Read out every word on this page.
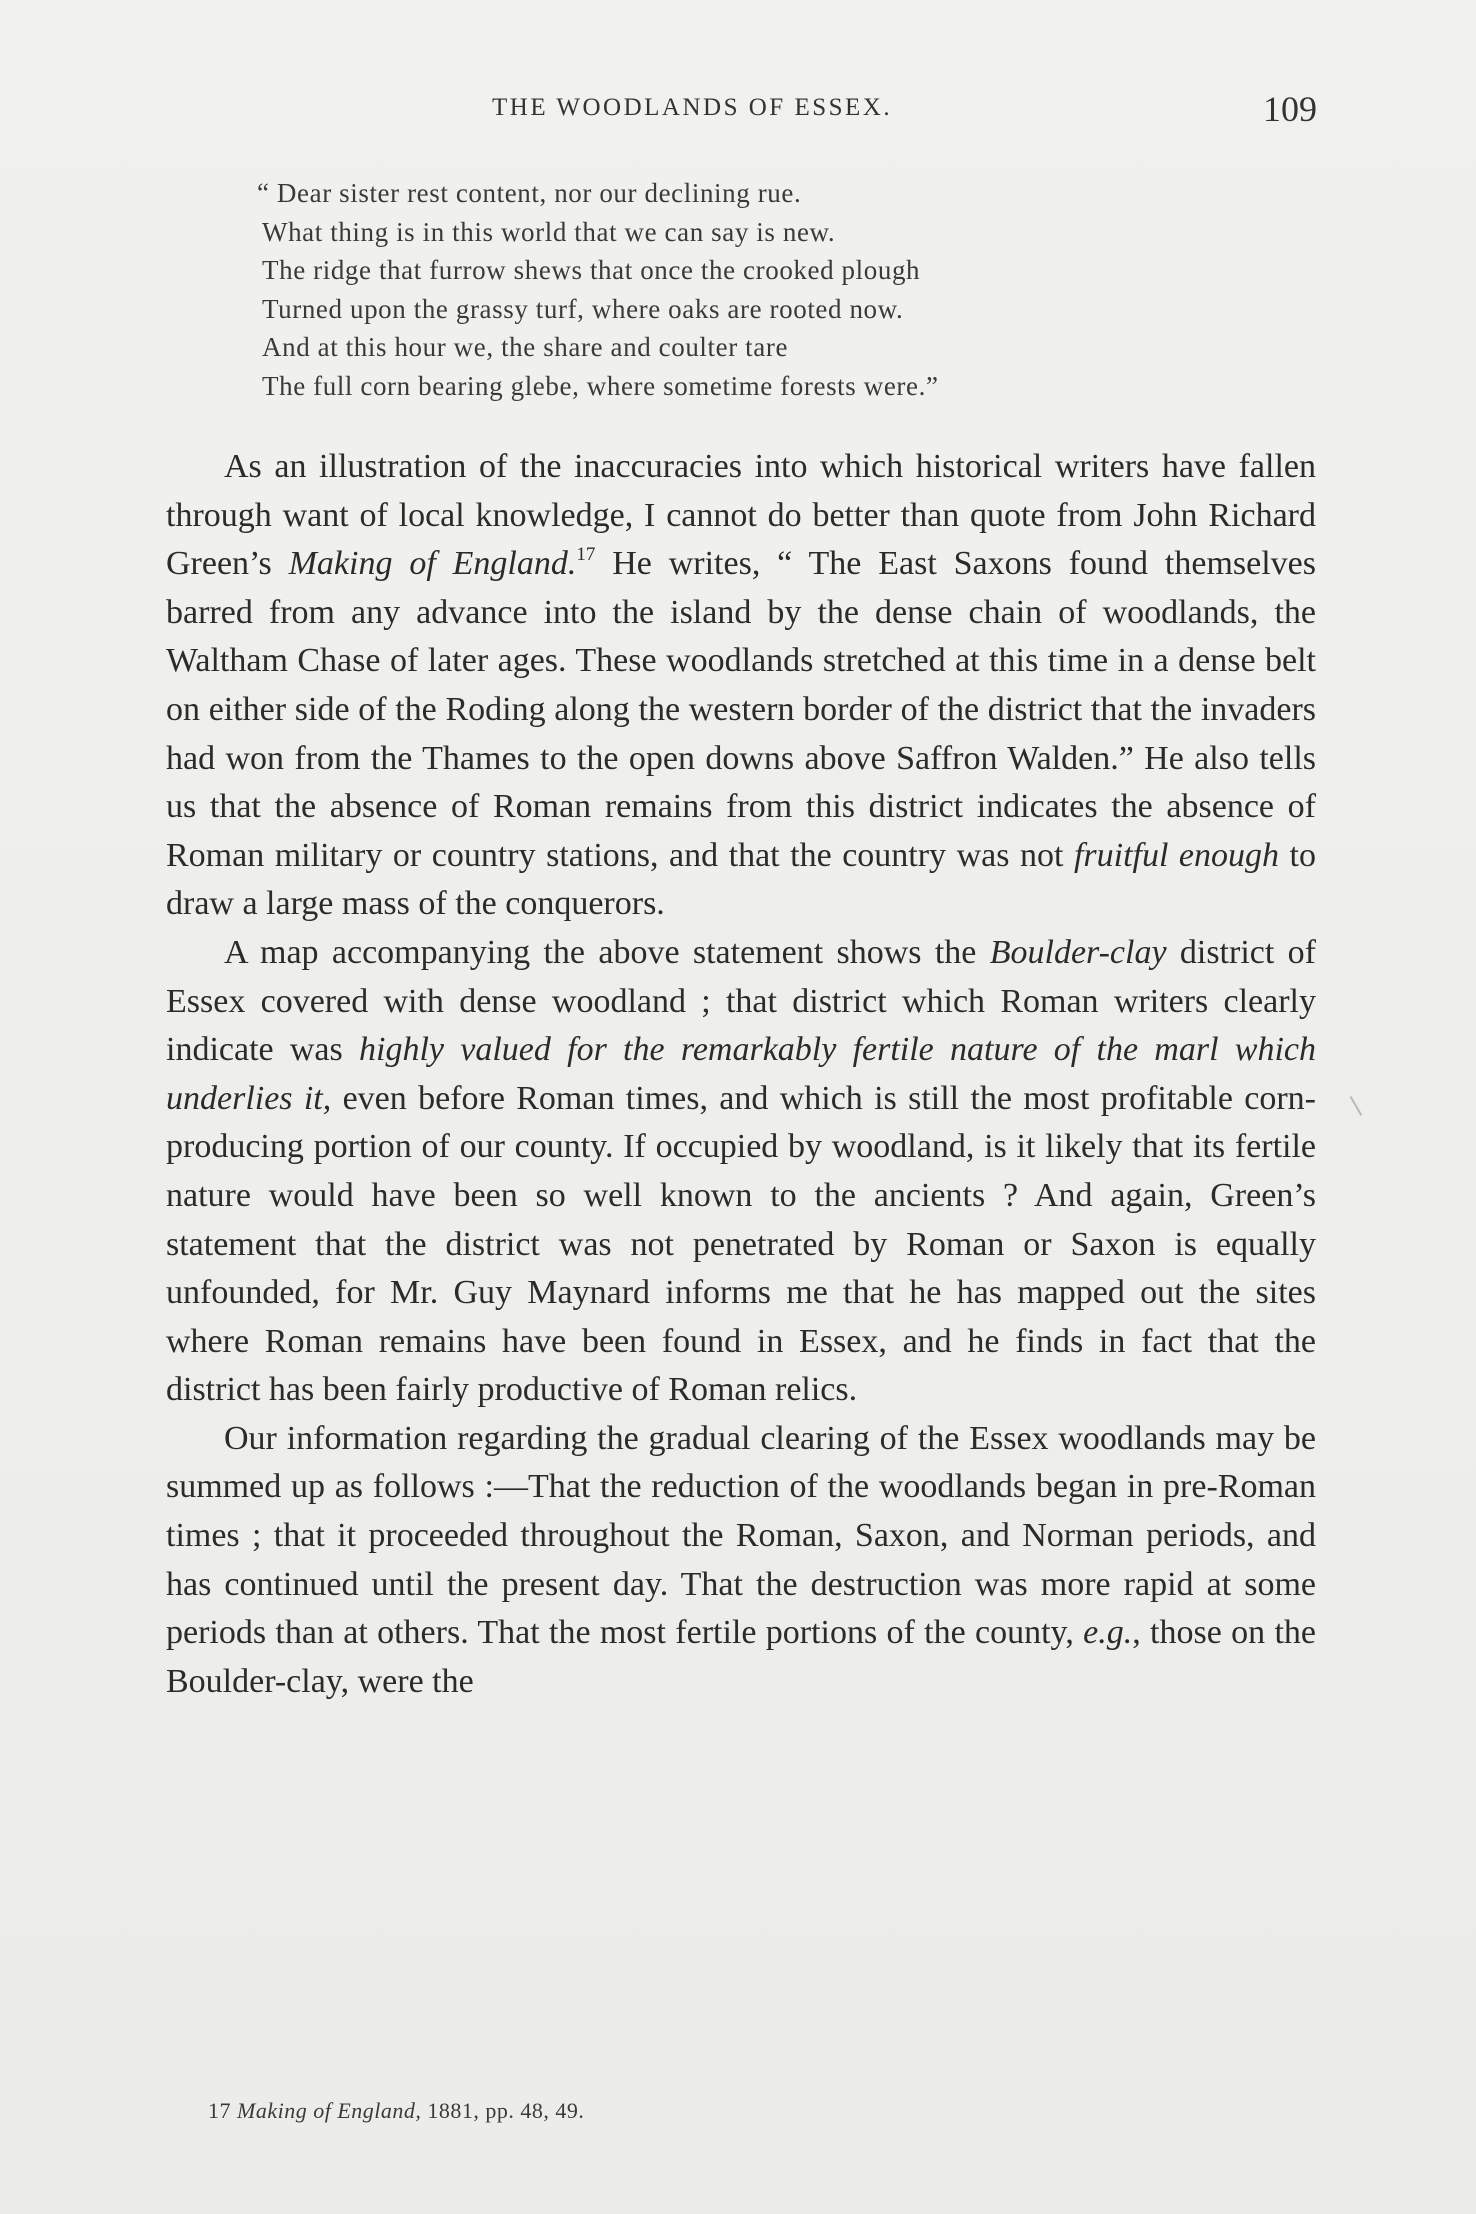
THE WOODLANDS OF ESSEX.	109
“ Dear sister rest content, nor our declining rue.
What thing is in this world that we can say is new.
The ridge that furrow shews that once the crooked plough
Turned upon the grassy turf, where oaks are rooted now.
And at this hour we, the share and coulter tare
The full corn bearing glebe, where sometime forests were.”

As an illustration of the inaccuracies into which historical writers have fallen through want of local knowledge, I cannot do better than quote from John Richard Green’s Making of England.$^{17}$ He writes, “ The East Saxons found themselves barred from any advance into the island by the dense chain of woodlands, the Waltham Chase of later ages. These woodlands stretched at this time in a dense belt on either side of the Roding along the western border of the district that the invaders had won from the Thames to the open downs above Saffron Walden.” He also tells us that the absence of Roman remains from this district indicates the absence of Roman military or country stations, and that the country was not fruitful enough to draw a large mass of the conquerors.

A map accompanying the above statement shows the Boulder-clay district of Essex covered with dense woodland ; that district which Roman writers clearly indicate was highly valued for the remarkably fertile nature of the marl which underlies it, even before Roman times, and which is still the most profitable corn-producing portion of our county. If occupied by woodland, is it likely that its fertile nature would have been so well known to the ancients ? And again, Green’s statement that the district was not penetrated by Roman or Saxon is equally unfounded, for Mr. Guy Maynard informs me that he has mapped out the sites where Roman remains have been found in Essex, and he finds in fact that the district has been fairly productive of Roman relics.

Our information regarding the gradual clearing of the Essex woodlands may be summed up as follows :—That the reduction of the woodlands began in pre-Roman times ; that it proceeded throughout the Roman, Saxon, and Norman periods, and has continued until the present day. That the destruction was more rapid at some periods than at others. That the most fertile portions of the county, e.g., those on the Boulder-clay, were the

17 Making of England, 1881, pp. 48, 49.
